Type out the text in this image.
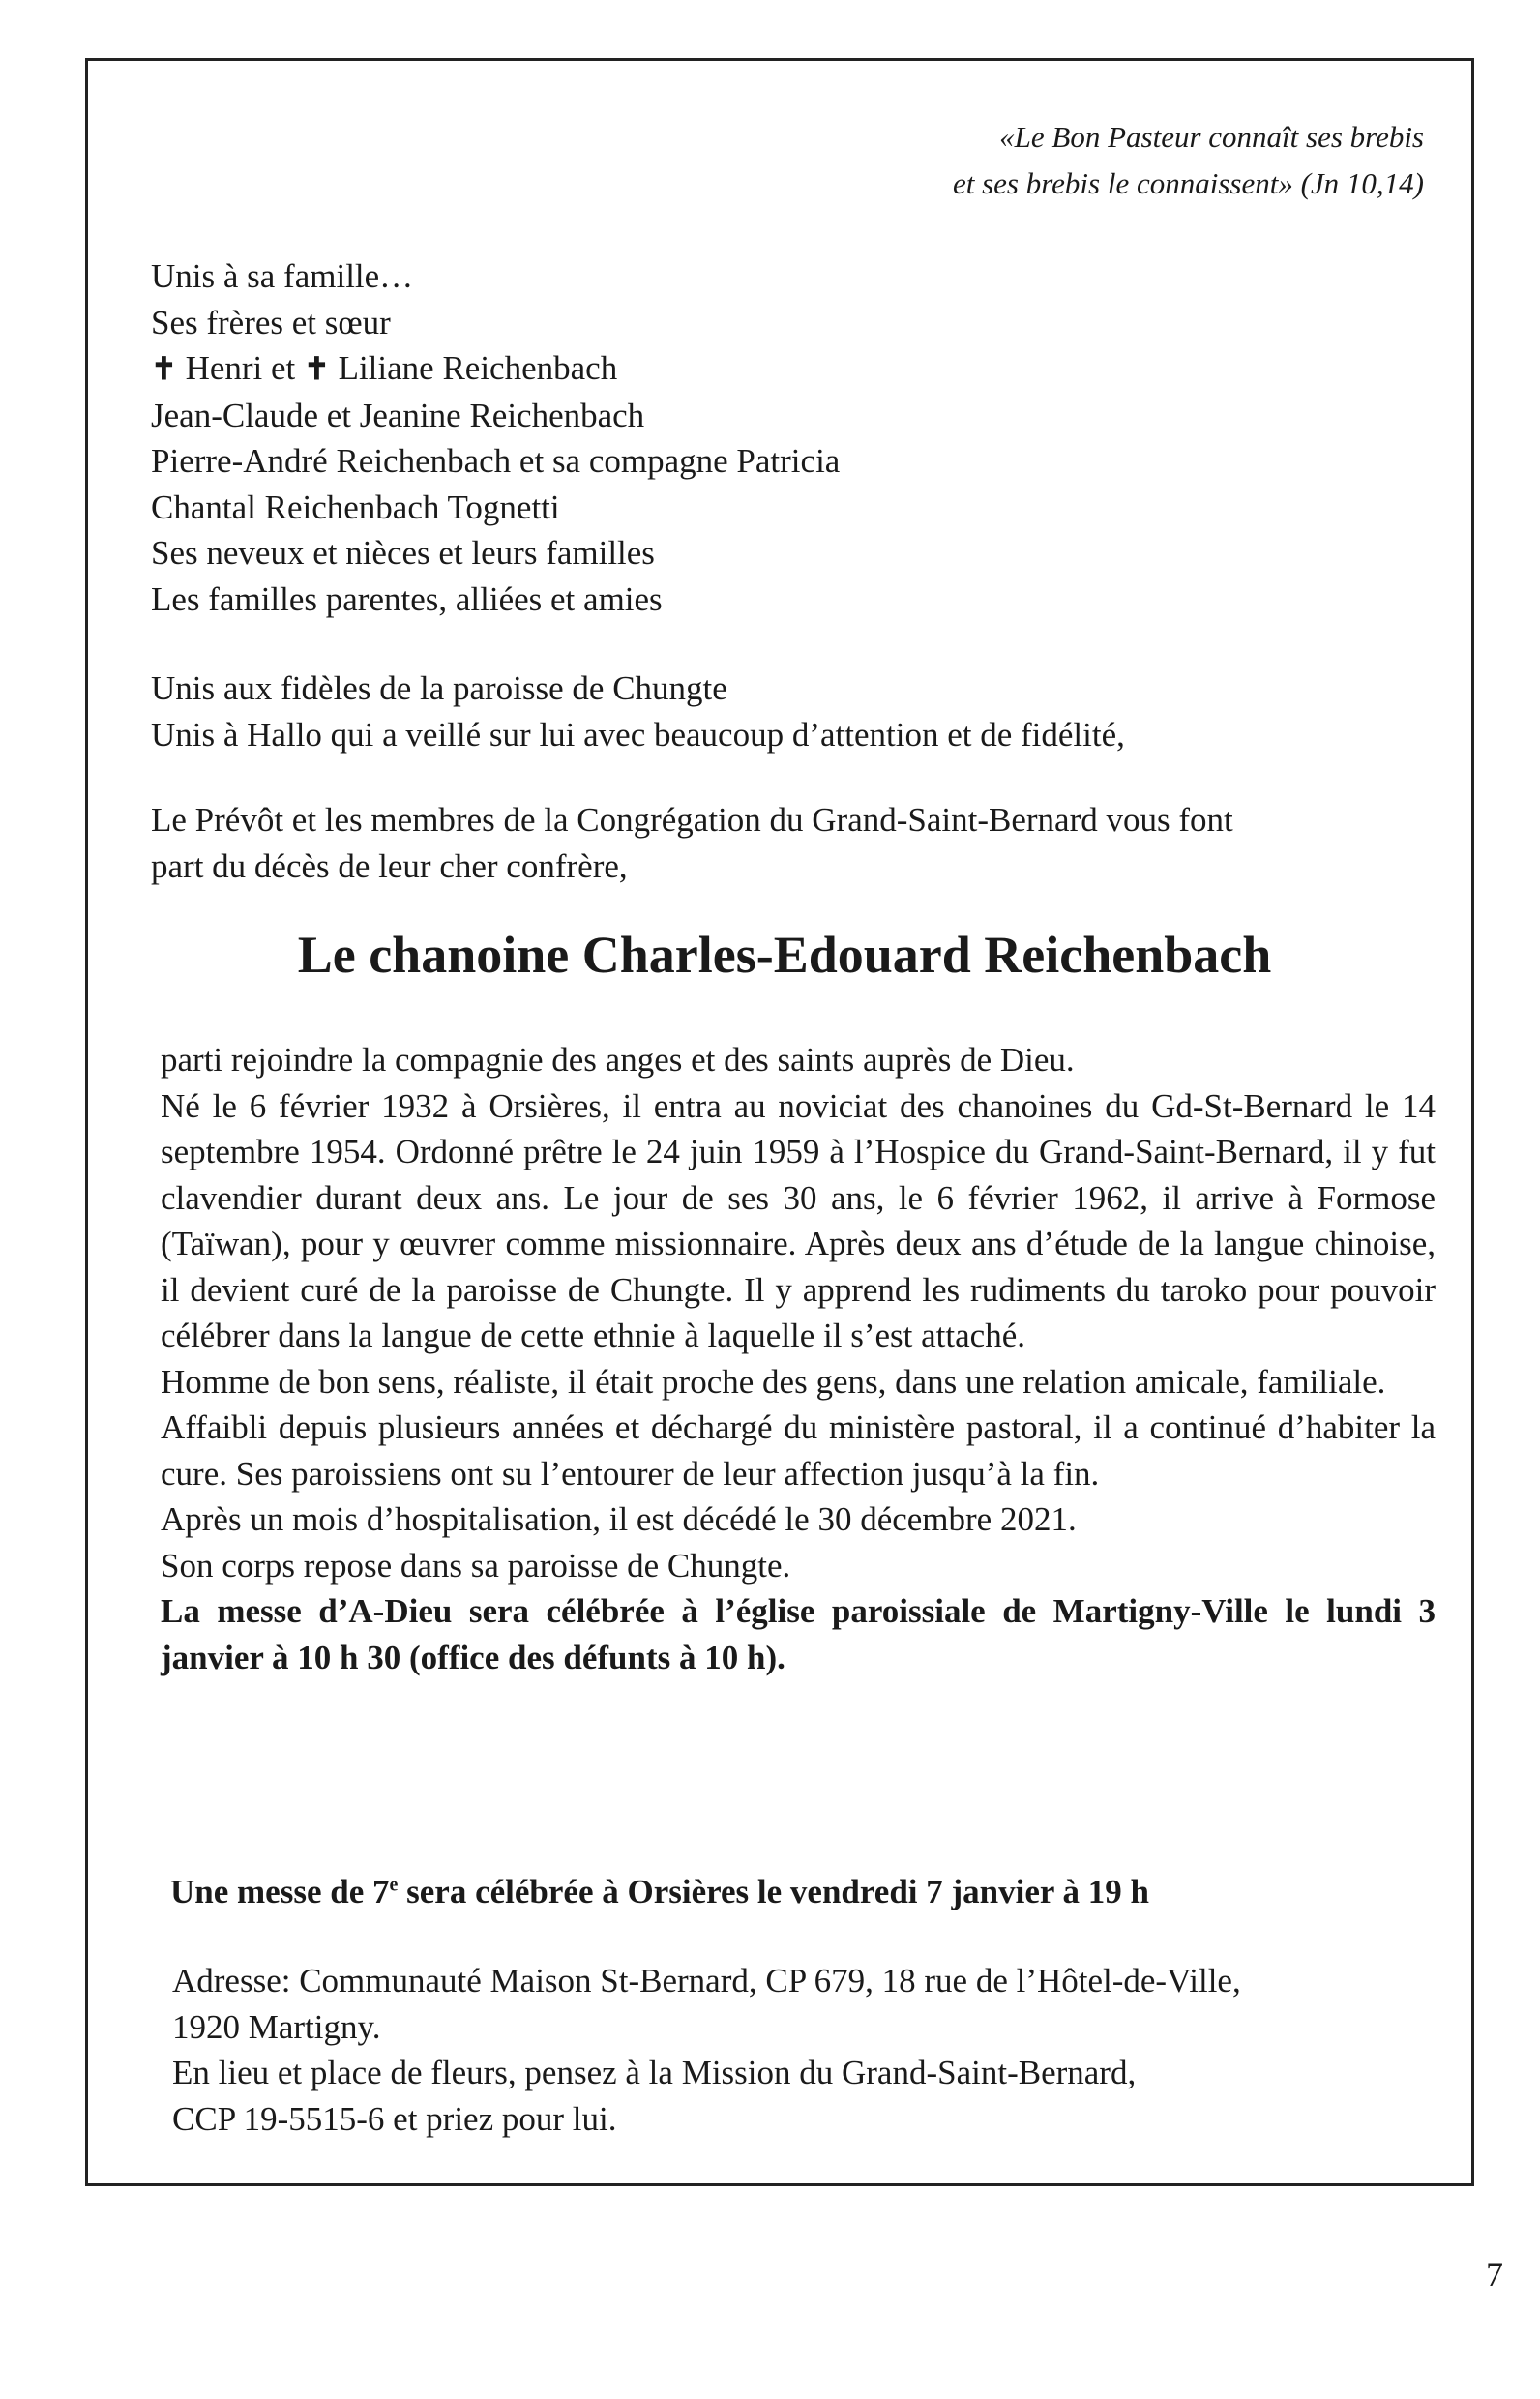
«Le Bon Pasteur connaît ses brebis
et ses brebis le connaissent» (Jn 10,14)
Unis à sa famille…
Ses frères et sœur
✝ Henri et ✝ Liliane Reichenbach
Jean-Claude et Jeanine Reichenbach
Pierre-André Reichenbach et sa compagne Patricia
Chantal Reichenbach Tognetti
Ses neveux et nièces et leurs familles
Les familles parentes, alliées et amies
Unis aux fidèles de la paroisse de Chungte
Unis à Hallo qui a veillé sur lui avec beaucoup d’attention et de fidélité,
Le Prévôt et les membres de la Congrégation du Grand-Saint-Bernard vous font
part du décès de leur cher confrère,
Le chanoine Charles-Edouard Reichenbach

parti rejoindre la compagnie des anges et des saints auprès de Dieu.

Né le 6 février 1932 à Orsières, il entra au noviciat des chanoines du Gd-St-Bernard le 14 septembre 1954. Ordonné prêtre le 24 juin 1959 à l’Hospice du Grand-Saint-Bernard, il y fut clavendier durant deux ans. Le jour de ses 30 ans, le 6 février 1962, il arrive à Formose (Taïwan), pour y œuvrer comme missionnaire. Après deux ans d’étude de la langue chinoise, il devient curé de la paroisse de Chungte. Il y apprend les rudiments du taroko pour pouvoir célébrer dans la langue de cette ethnie à laquelle il s’est attaché.

Homme de bon sens, réaliste, il était proche des gens, dans une relation amicale, familiale.

Affaibli depuis plusieurs années et déchargé du ministère pastoral, il a continué d’habiter la cure. Ses paroissiens ont su l’entourer de leur affection jusqu’à la fin.

Après un mois d’hospitalisation, il est décédé le 30 décembre 2021.

Son corps repose dans sa paroisse de Chungte.

La messe d’A-Dieu sera célébrée à l’église paroissiale de Martigny-Ville le lundi 3 janvier à 10 h 30 (office des défunts à 10 h).

Une messe de 7e sera célébrée à Orsières le vendredi 7 janvier à 19 h
Adresse: Communauté Maison St-Bernard, CP 679, 18 rue de l’Hôtel-de-Ville,
1920 Martigny.
En lieu et place de fleurs, pensez à la Mission du Grand-Saint-Bernard,
CCP 19-5515-6 et priez pour lui.
7
